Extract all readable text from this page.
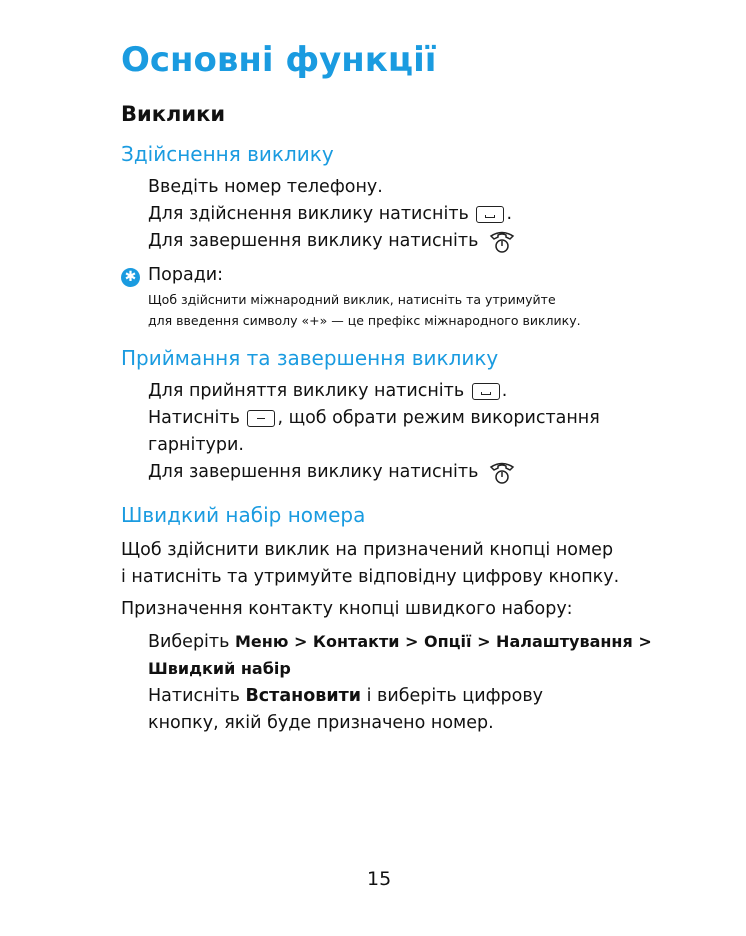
Основні функції
Виклики
Здійснення виклику
Введіть номер телефону.
Для здійснення виклику натисніть .
Для завершення виклику натисніть
✱ Поради:
Щоб здійснити міжнародний виклик, натисніть та утримуйте
для введення символу «+» — це префікс міжнародного виклику.
Приймання та завершення виклику
Для прийняття виклику натисніть .
Натисніть , щоб обрати режим використання
гарнітури.
Для завершення виклику натисніть
Швидкий набір номера
Щоб здійснити виклик на призначений кнопці номер
і натисніть та утримуйте відповідну цифрову кнопку.
Призначення контакту кнопці швидкого набору:
Виберіть Меню > Контакти > Опції > Налаштування >
Швидкий набір
Натисніть Встановити і виберіть цифрову
кнопку, якій буде призначено номер.
15
